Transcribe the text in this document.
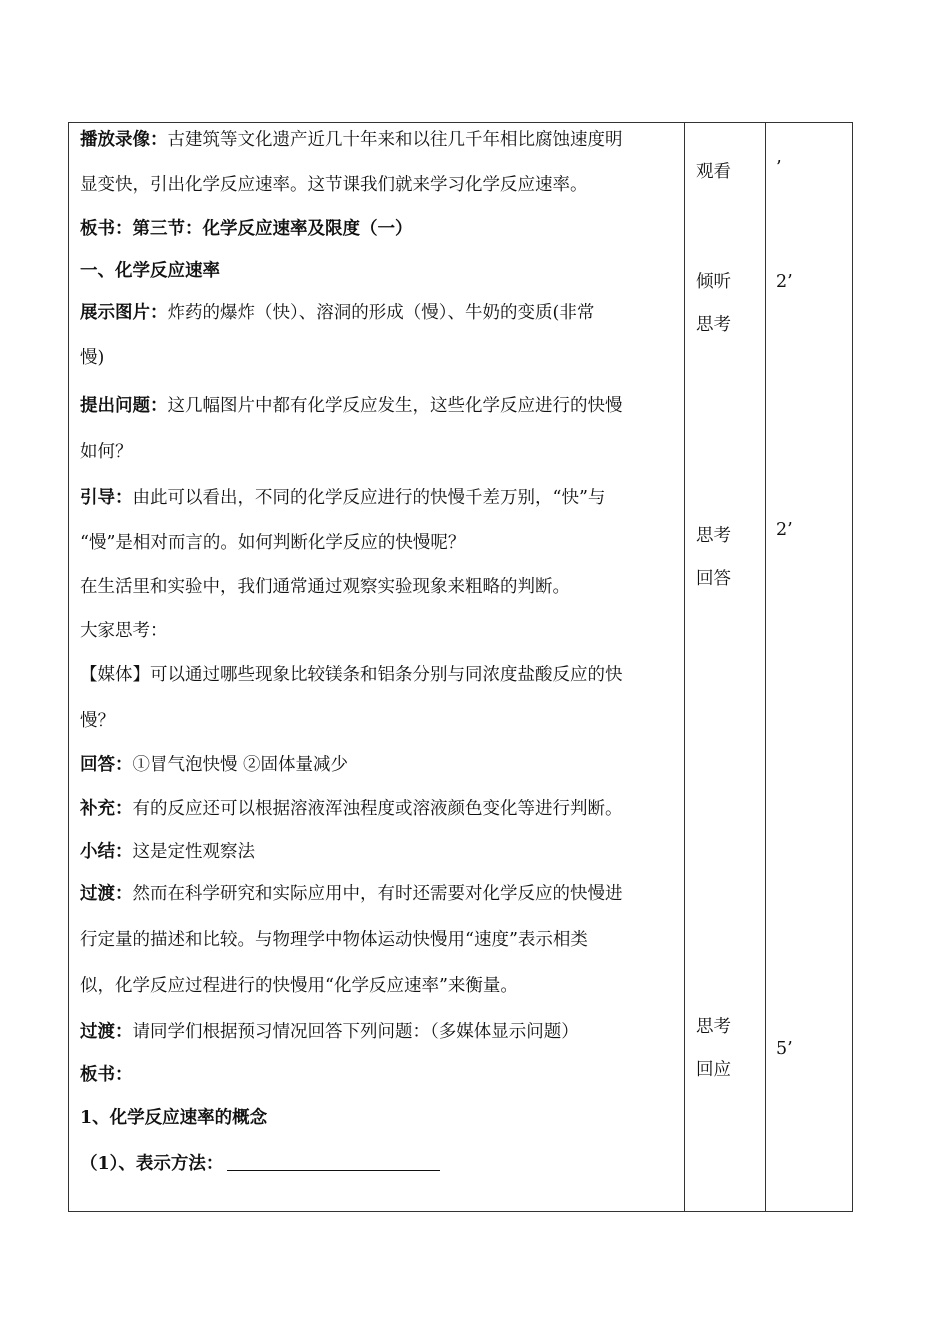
播放录像：古建筑等文化遗产近几十年来和以往几千年相比腐蚀速度明
显变快，引出化学反应速率。这节课我们就来学习化学反应速率。
板书：第三节：化学反应速率及限度（一）
一、化学反应速率
展示图片：炸药的爆炸（快）、溶洞的形成（慢）、牛奶的变质(非常
慢)
提出问题：这几幅图片中都有化学反应发生，这些化学反应进行的快慢
如何？
引导：由此可以看出，不同的化学反应进行的快慢千差万别，“快”与
“慢”是相对而言的。如何判断化学反应的快慢呢？
在生活里和实验中，我们通常通过观察实验现象来粗略的判断。
大家思考：
【媒体】可以通过哪些现象比较镁条和铝条分别与同浓度盐酸反应的快
慢？
回答：①冒气泡快慢 ②固体量减少
补充：有的反应还可以根据溶液浑浊程度或溶液颜色变化等进行判断。
小结：这是定性观察法
过渡：然而在科学研究和实际应用中，有时还需要对化学反应的快慢进
行定量的描述和比较。与物理学中物体运动快慢用“速度”表示相类
似，化学反应过程进行的快慢用“化学反应速率”来衡量。
过渡：请同学们根据预习情况回答下列问题：（多媒体显示问题）
板书：
1、化学反应速率的概念
（1）、表示方法：
观看
倾听
思考
思考
回答
思考
回应
’
2’
2’
5’
